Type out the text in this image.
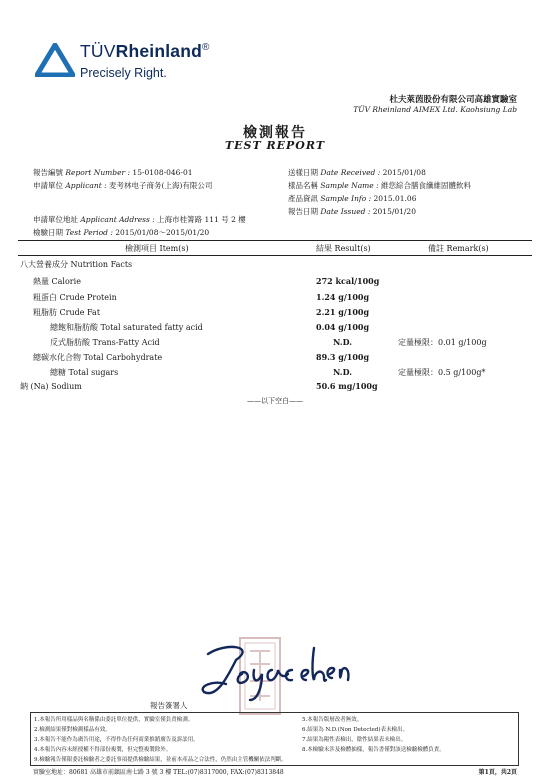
TÜVRheinland®
Precisely Right.
杜夫萊茵股份有限公司高雄實驗室
TÜV Rheinland AIMEX Ltd. Kaohsiung Lab
檢測報告
TEST REPORT
報告編號 Report Number : 15-0108-046-01
申請單位 Applicant : 麦考林电子商务(上海)有限公司
送樣日期 Date Received : 2015/01/08
樣品名稱 Sample Name : 維您綜合膳食纖維固體飲料
產品資訊 Sample Info : 2015.01.06
報告日期 Date Issued : 2015/01/20
申請單位地址 Applicant Address : 上海市桂箐路 111 号 2 樓
檢驗日期 Test Period : 2015/01/08～2015/01/20
檢測項目 Item(s)	結果 Result(s)	備註 Remark(s)
八大營養成分 Nutrition Facts
熱量 Calorie	272 kcal/100g
粗蛋白 Crude Protein	1.24 g/100g
粗脂肪 Crude Fat	2.21 g/100g
總飽和脂肪酸 Total saturated fatty acid	0.04 g/100g
反式脂肪酸 Trans-Fatty Acid	N.D.	定量極限：0.01 g/100g
總碳水化合物 Total Carbohydrate	89.3 g/100g
總糖 Total sugars	N.D.	定量極限：0.5 g/100g*
鈉 (Na) Sodium	50.6 mg/100g
——以下空白——
報告簽署人
1.本報告所用樣品與名稱係由委託單位提供，實驗室僅負責檢測。
2.檢測結果僅對檢測樣品有效。
3.本報告不能作為廣告用途，不得作為任何商業推銷廣告及訴訟用。
4.本報告內容未經授權不得部份複製，但完整複製除外。
9.檢驗報告僅限委託檢驗者之委託事項提供檢驗結果，並前本產品之合法性，仍然由主管機關依法判斷。
5.本報告版層改者無效。
6.結果為 N.D.(Non Detected)表未檢出。
7.結果為陽性表檢出，陰性結果表未檢出。
8.本檢驗未涉及檢體抽樣，報告書僅對該送檢驗檢體負責。
實驗室地址：80681 高雄市前鎮區南七路 3 號 3 樓 TEL:(07)8317000, FAX:(07)8313848	第1頁，共2頁
